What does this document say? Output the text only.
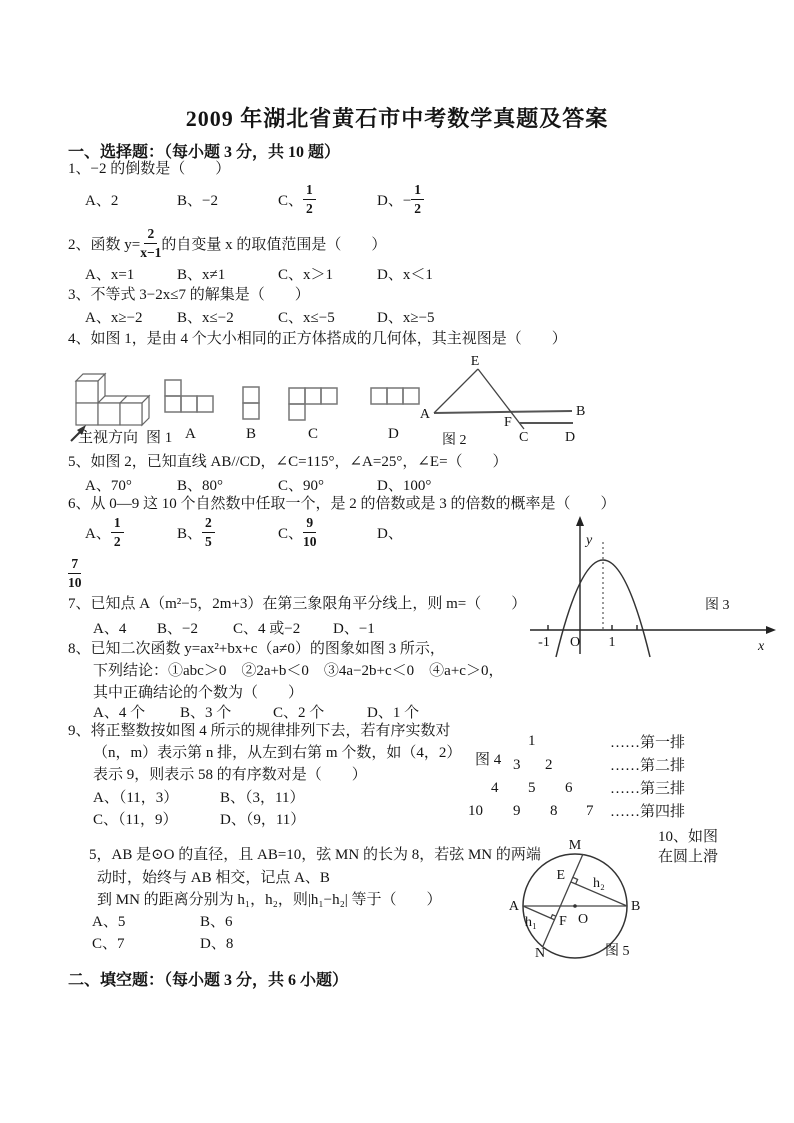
2009 年湖北省黄石市中考数学真题及答案
一、选择题：（每小题 3 分，共 10 题）
1、−2 的倒数是（　　）
A、2	B、−2	C、 $\frac{1}{2}$	D、− $\frac{1}{2}$
2、函数 $y= \frac{2}{x-1}$ 的自变量 x 的取值范围是（　　）
A、x=1	B、x≠1	C、x＞1	D、x＜1
3、不等式 3−2x≤7 的解集是（　　）
A、x≥−2	B、x≤−2	C、x≤−5	D、x≥−5
4、如图 1，是由 4 个大小相同的正方体搭成的几何体，其主视图是（　　）
主视方向 图 1 A	B	C	D
E
A	B
F
C	D
图 2
5、如图 2，已知直线 AB//CD，∠C=115°，∠A=25°，∠E=（　　）
A、70°	B、80°	C、90°	D、100°
6、从 0—9 这 10 个自然数中任取一个，是 2 的倍数或是 3 的倍数的概率是（　　）
A、 $\frac{1}{2}$	B、 $\frac{2}{5}$	C、 $\frac{9}{10}$	D、
$\frac{7}{10}$
-1 O 1
y
x
图 3
7、已知点 A（m²−5，2m+3）在第三象限角平分线上，则 m=（　　）
A、4	B、−2	C、4 或−2	D、−1
8、已知二次函数 y=ax²+bx+c（a≠0）的图象如图 3 所示，
下列结论：①abc＞0　②2a+b＜0　③4a−2b+c＜0　④a+c＞0，
其中正确结论的个数为（　　）
A、4 个	B、3 个	C、2 个	D、1 个
9、将正整数按如图 4 所示的规律排列下去，若有序实数对
（n，m）表示第 n 排，从左到右第 m 个数，如（4，2）
表示 9，则表示 58 的有序数对是（　　）
A、（11，3）	B、（3，11）
C、（11，9）	D、（9，11）
图 4
1
3 2
4 5 6
10 9 8 7
……第一排
……第二排
……第三排
……第四排
5，AB 是⊙O 的直径，且 AB=10，弦 MN 的长为 8，若弦 MN 的两端
动时，始终与 AB 相交，记点 A、B
到 MN 的距离分别为 h₁，h₂，则|h₁−h₂| 等于（　　）
A、5	B、6
C、7	D、8
10、如图
在圆上滑
M
E
h₂
A	B
h₁ F O
N	图 5
二、填空题：（每小题 3 分，共 6 小题）
